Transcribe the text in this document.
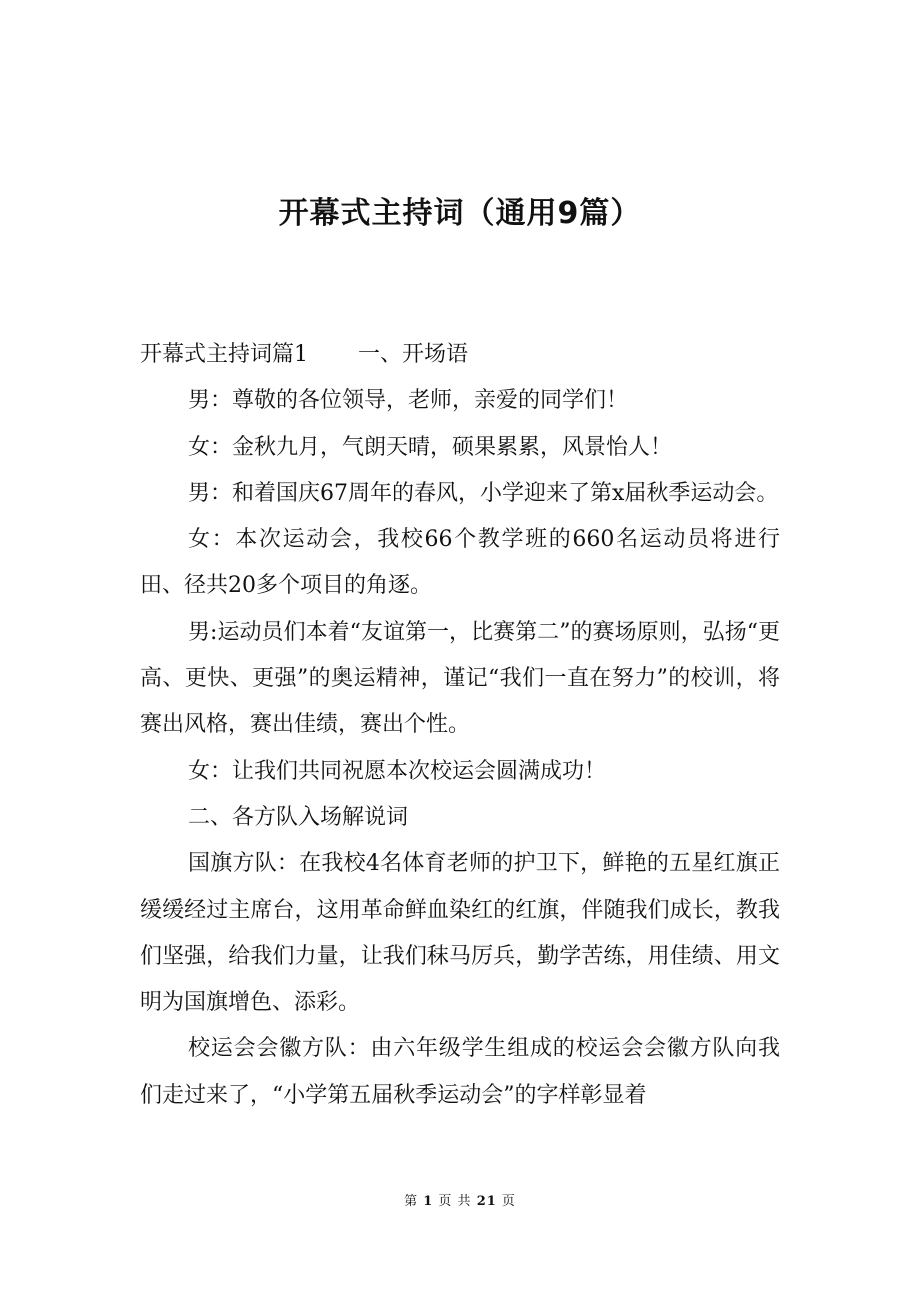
开幕式主持词（通用9篇）

开幕式主持词篇1 一、开场语

男：尊敬的各位领导，老师，亲爱的同学们！

女：金秋九月，气朗天晴，硕果累累，风景怡人！

男：和着国庆67周年的春风，小学迎来了第x届秋季运动会。

女：本次运动会，我校66个教学班的660名运动员将进行田、径共20多个项目的角逐。

男:运动员们本着“友谊第一，比赛第二”的赛场原则，弘扬“更高、更快、更强”的奥运精神，谨记“我们一直在努力”的校训，将赛出风格，赛出佳绩，赛出个性。

女：让我们共同祝愿本次校运会圆满成功！

二、各方队入场解说词

国旗方队：在我校4名体育老师的护卫下，鲜艳的五星红旗正缓缓经过主席台，这用革命鲜血染红的红旗，伴随我们成长，教我们坚强，给我们力量，让我们秣马厉兵，勤学苦练，用佳绩、用文明为国旗增色、添彩。

校运会会徽方队：由六年级学生组成的校运会会徽方队向我们走过来了，“小学第五届秋季运动会”的字样彰显着

第 1 页 共 21 页
